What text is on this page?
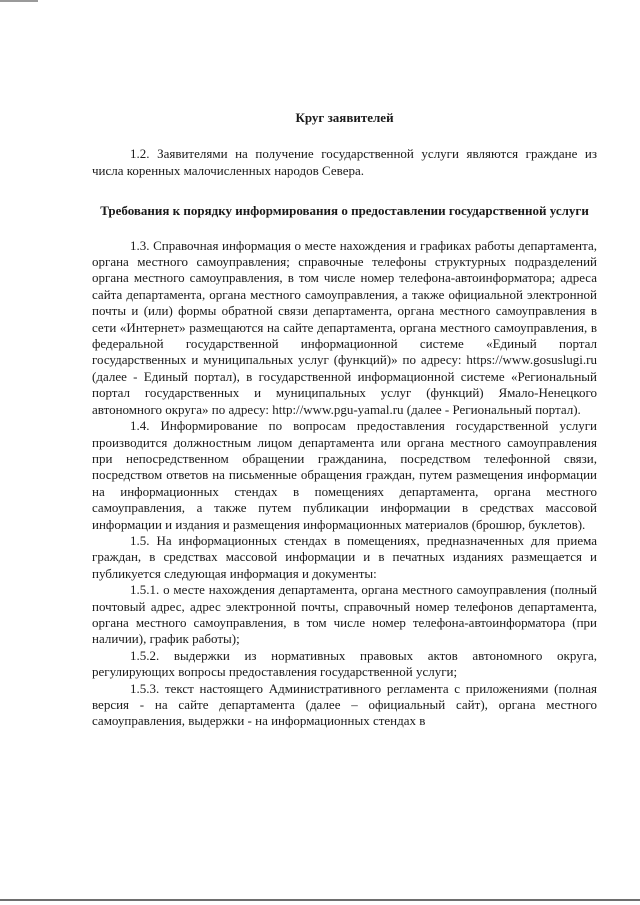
Круг заявителей

1.2. Заявителями на получение государственной услуги являются граждане из числа коренных малочисленных народов Севера.

Требования к порядку информирования о предоставлении государственной услуги

1.3. Справочная информация о месте нахождения и графиках работы департамента, органа местного самоуправления; справочные телефоны структурных подразделений органа местного самоуправления, в том числе номер телефона-автоинформатора; адреса сайта департамента, органа местного самоуправления, а также официальной электронной почты и (или) формы обратной связи департамента, органа местного самоуправления в сети «Интернет» размещаются на сайте департамента, органа местного самоуправления, в федеральной государственной информационной системе «Единый портал государственных и муниципальных услуг (функций)» по адресу: https://www.gosuslugi.ru (далее - Единый портал), в государственной информационной системе «Региональный портал государственных и муниципальных услуг (функций) Ямало-Ненецкого автономного округа» по адресу: http://www.pgu-yamal.ru (далее - Региональный портал).

1.4. Информирование по вопросам предоставления государственной услуги производится должностным лицом департамента или органа местного самоуправления при непосредственном обращении гражданина, посредством телефонной связи, посредством ответов на письменные обращения граждан, путем размещения информации на информационных стендах в помещениях департамента, органа местного самоуправления, а также путем публикации информации в средствах массовой информации и издания и размещения информационных материалов (брошюр, буклетов).

1.5. На информационных стендах в помещениях, предназначенных для приема граждан, в средствах массовой информации и в печатных изданиях размещается и публикуется следующая информация и документы:

1.5.1. о месте нахождения департамента, органа местного самоуправления (полный почтовый адрес, адрес электронной почты, справочный номер телефонов департамента, органа местного самоуправления, в том числе номер телефона-автоинформатора (при наличии), график работы);

1.5.2. выдержки из нормативных правовых актов автономного округа, регулирующих вопросы предоставления государственной услуги;

1.5.3. текст настоящего Административного регламента с приложениями (полная версия - на сайте департамента (далее – официальный сайт), органа местного самоуправления, выдержки - на информационных стендах в
